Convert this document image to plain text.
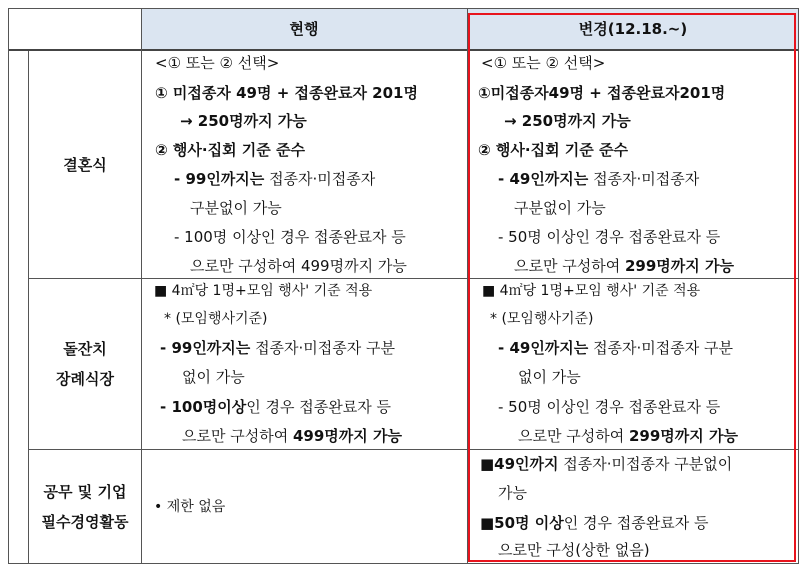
현행	변경(12.18.~)
결혼식
<① 또는 ② 선택>
① 미접종자 49명 + 접종완료자 201명
→ 250명까지 가능
② 행사·집회 기준 준수
- 99인까지는 접종자·미접종자
구분없이 가능
- 100명 이상인 경우 접종완료자 등
으로만 구성하여 499명까지 가능
<① 또는 ② 선택>
①미접종자49명 + 접종완료자201명
→ 250명까지 가능
② 행사·집회 기준 준수
- 49인까지는 접종자·미접종자
구분없이 가능
- 50명 이상인 경우 접종완료자 등
으로만 구성하여 299명까지 가능
돌잔치
장례식장
■ 4㎡당 1명+모임 행사' 기준 적용
* (모임행사기준)
- 99인까지는 접종자·미접종자 구분
없이 가능
- 100명이상인 경우 접종완료자 등
으로만 구성하여 499명까지 가능
■ 4㎡당 1명+모임 행사' 기준 적용
* (모임행사기준)
- 49인까지는 접종자·미접종자 구분
없이 가능
- 50명 이상인 경우 접종완료자 등
으로만 구성하여 299명까지 가능
공무 및 기업
필수경영활동
• 제한 없음
■49인까지 접종자·미접종자 구분없이
가능
■50명 이상인 경우 접종완료자 등
으로만 구성(상한 없음)
